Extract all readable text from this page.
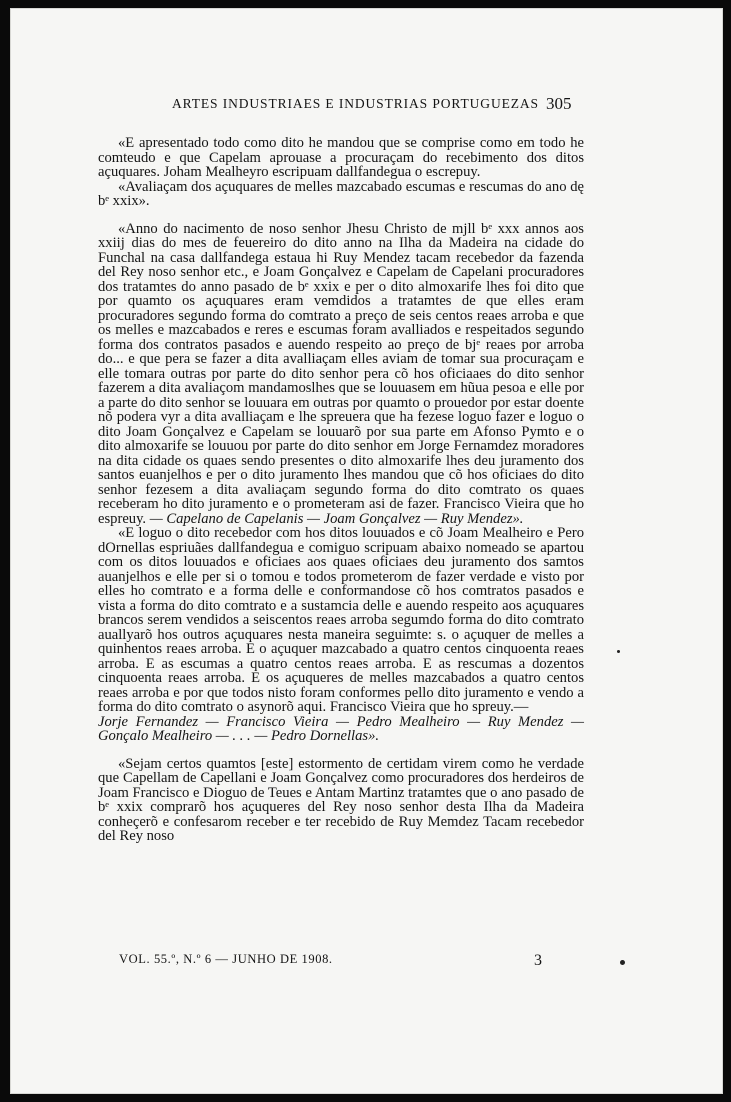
ARTES INDUSTRIAES E INDUSTRIAS PORTUGUEZAS 305

«E apresentado todo como dito he mandou que se comprise como em todo he comteudo e que Capelam aprouase a procuraçam do recebimento dos ditos açuquares. Joham Mealheyro escripuam dallfandegua o escrepuy.

«Avaliaçam dos açuquares de melles mazcabado escumas e rescumas do ano dę bᵉ xxix».

«Anno do nacimento de noso senhor Jhesu Christo de mjll bᵉ xxx annos aos xxiij dias do mes de feuereiro do dito anno na Ilha da Madeira na cidade do Funchal na casa dallfandega estaua hi Ruy Mendez tacam recebedor da fazenda del Rey noso senhor etc., e Joam Gonçalvez e Capelam de Capelani procuradores dos tratamtes do anno pasado de bᵉ xxix e per o dito almoxarife lhes foi dito que por quamto os açuquares eram vemdidos a tratamtes de que elles eram procuradores segundo forma do comtrato a preço de seis centos reaes arroba e que os melles e mazcabados e reres e escumas foram avalliados e respeitados segundo forma dos contratos pasados e auendo respeito ao preço de bjᵉ reaes por arroba do... e que pera se fazer a dita avalliaçam elles aviam de tomar sua procuraçam e elle tomara outras por parte do dito senhor pera cõ hos oficiaaes do dito senhor fazerem a dita avaliaçom mandamoslhes que se louuasem em hũua pesoa e elle por a parte do dito senhor se louuara em outras por quamto o prouedor por estar doente nõ podera vyr a dita avalliaçam e lhe spreuera que ha fezese loguo fazer e loguo o dito Joam Gonçalvez e Capelam se louuarõ por sua parte em Afonso Pymto e o dito almoxarife se louuou por parte do dito senhor em Jorge Fernamdez moradores na dita cidade os quaes sendo presentes o dito almoxarife lhes deu juramento dos santos euanjelhos e per o dito juramento lhes mandou que cõ hos oficiaes do dito senhor fezesem a dita avaliaçam segundo forma do dito comtrato os quaes receberam ho dito juramento e o prometeram asi de fazer. Francisco Vieira que ho espreuy. — Capelano de Capelanis — Joam Gonçalvez — Ruy Mendez».

«E loguo o dito recebedor com hos ditos louuados e cõ Joam Mealheiro e Pero dOrnellas espriuães dallfandegua e comiguo scripuam abaixo nomeado se apartou com os ditos louuados e oficiaes aos quaes oficiaes deu juramento dos samtos auanjelhos e elle per si o tomou e todos prometerom de fazer verdade e visto por elles ho comtrato e a forma delle e conformandose cõ hos comtratos pasados e vista a forma do dito comtrato e a sustamcia delle e auendo respeito aos açuquares brancos serem vendidos a seiscentos reaes arroba segumdo forma do dito comtrato auallyarõ hos outros açuquares nesta maneira seguimte: s. o açuquer de melles a quinhentos reaes arroba. E o açuquer mazcabado a quatro centos cinquoenta reaes arroba. E as escumas a quatro centos reaes arroba. E as rescumas a dozentos cinquoenta reaes arroba. E os açuqueres de melles mazcabados a quatro centos reaes arroba e por que todos nisto foram conformes pello dito juramento e vendo a forma do dito comtrato o asynorõ aqui. Francisco Vieira que ho spreuy.—

Jorje Fernandez — Francisco Vieira — Pedro Mealheiro — Ruy Mendez — Gonçalo Mealheiro — . . . — Pedro Dornellas».

«Sejam certos quamtos [este] estormento de certidam virem como he verdade que Capellam de Capellani e Joam Gonçalvez como procuradores dos herdeiros de Joam Francisco e Dioguo de Teues e Antam Martinz tratamtes que o ano pasado de bᵉ xxix comprarõ hos açuqueres del Rey noso senhor desta Ilha da Madeira conheçerõ e confesarom receber e ter recebido de Ruy Memdez Tacam recebedor del Rey noso

VOL. 55.º, N.º 6 — JUNHO DE 1908.	3
